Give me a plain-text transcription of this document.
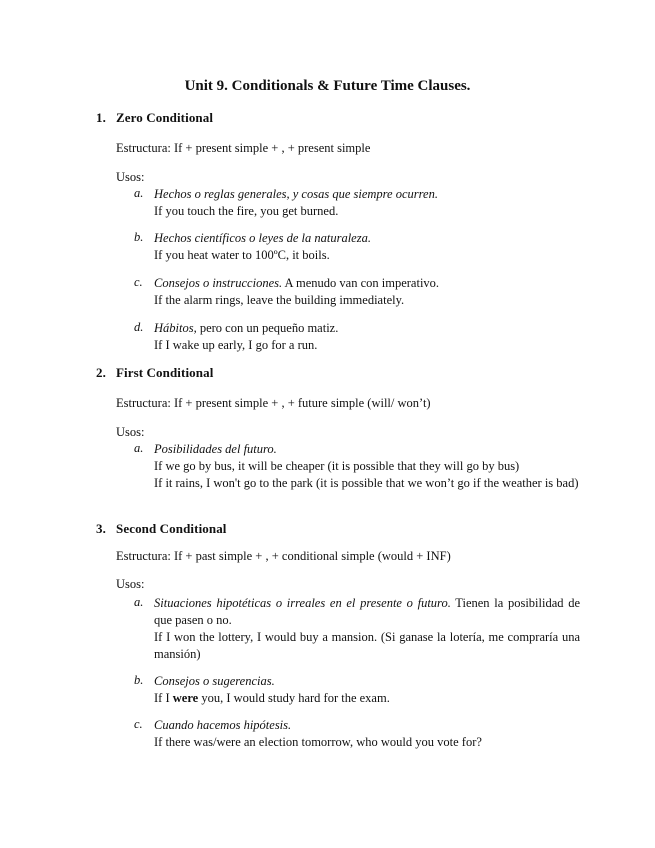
Unit 9. Conditionals & Future Time Clauses.
1. Zero Conditional
Estructura: If + present simple + , + present simple
Usos:
a. Hechos o reglas generales, y cosas que siempre ocurren.
If you touch the fire, you get burned.
b. Hechos científicos o leyes de la naturaleza.
If you heat water to 100ºC, it boils.
c. Consejos o instrucciones. A menudo van con imperativo.
If the alarm rings, leave the building immediately.
d. Hábitos, pero con un pequeño matiz.
If I wake up early, I go for a run.
2. First Conditional
Estructura: If + present simple + , + future simple (will/ won’t)
Usos:
a. Posibilidades del futuro.
If we go by bus, it will be cheaper (it is possible that they will go by bus)
If it rains, I won't go to the park (it is possible that we won’t go if the weather is bad)
3. Second Conditional
Estructura: If + past simple + , + conditional simple (would + INF)
Usos:
a. Situaciones hipotéticas o irreales en el presente o futuro. Tienen la posibilidad de que pasen o no.
If I won the lottery, I would buy a mansion. (Si ganase la lotería, me compraría una mansión)
b. Consejos o sugerencias.
If I were you, I would study hard for the exam.
c. Cuando hacemos hipótesis.
If there was/were an election tomorrow, who would you vote for?
